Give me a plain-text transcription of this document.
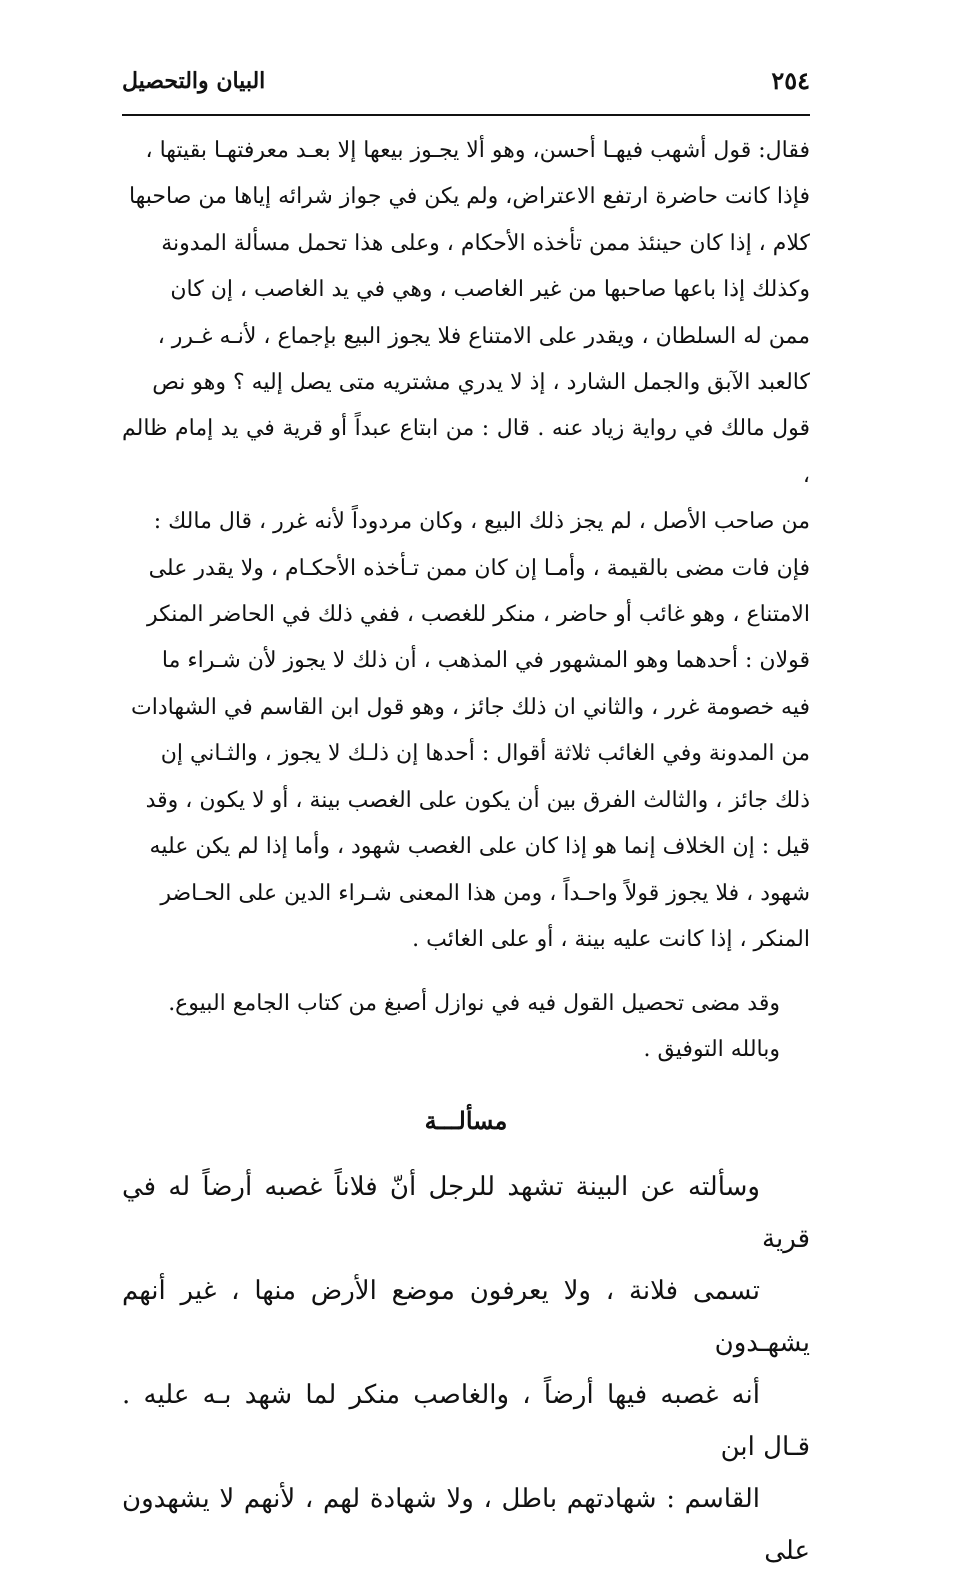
٢٥٤
البيان والتحصيل
فقال: قول أشهب فيهـا أحسن، وهو ألا يجـوز بيعها إلا بعـد معرفتهـا بقيتها ،
فإذا كانت حاضرة ارتفع الاعتراض، ولم يكن في جواز شرائه إياها من صاحبها
كلام ، إذا كان حينئذ ممن تأخذه الأحكام ، وعلى هذا تحمل مسألة المدونة
وكذلك إذا باعها صاحبها من غير الغاصب ، وهي في يد الغاصب ، إن كان
ممن له السلطان ، ويقدر على الامتناع فلا يجوز البيع بإجماع ، لأنـه غـرر ،
كالعبد الآبق والجمل الشارد ، إذ لا يدري مشتريه متى يصل إليه ؟ وهو نص
قول مالك في رواية زياد عنه . قال : من ابتاع عبداً أو قرية في يد إمام ظالم ،
من صاحب الأصل ، لم يجز ذلك البيع ، وكان مردوداً لأنه غرر ، قال مالك :
فإن فات مضى بالقيمة ، وأمـا إن كان ممن تـأخذه الأحكـام ، ولا يقدر على
الامتناع ، وهو غائب أو حاضر ، منكر للغصب ، ففي ذلك في الحاضر المنكر
قولان : أحدهما وهو المشهور في المذهب ، أن ذلك لا يجوز لأن شـراء ما
فيه خصومة غرر ، والثاني ان ذلك جائز ، وهو قول ابن القاسم في الشهادات
من المدونة وفي الغائب ثلاثة أقوال : أحدها إن ذلـك لا يجوز ، والثـاني إن
ذلك جائز ، والثالث الفرق بين أن يكون على الغصب بينة ، أو لا يكون ، وقد
قيل : إن الخلاف إنما هو إذا كان على الغصب شهود ، وأما إذا لم يكن عليه
شهود ، فلا يجوز قولاً واحـداً ، ومن هذا المعنى شـراء الدين على الحـاضر
المنكر ، إذا كانت عليه بينة ، أو على الغائب .
وقد مضى تحصيل القول فيه في نوازل أصبغ من كتاب الجامع البيوع.
وبالله التوفيق .
مسألـــة
وسألته عن البينة تشهد للرجل أنّ فلاناً غصبه أرضاً له في قرية
تسمى فلانة ، ولا يعرفون موضع الأرض منها ، غير أنهم يشهـدون
أنه غصبه فيها أرضاً ، والغاصب منكر لما شهد بـه عليه . قـال ابن
القاسم : شهادتهم باطل ، ولا شهادة لهم ، لأنهم لا يشهدون على
